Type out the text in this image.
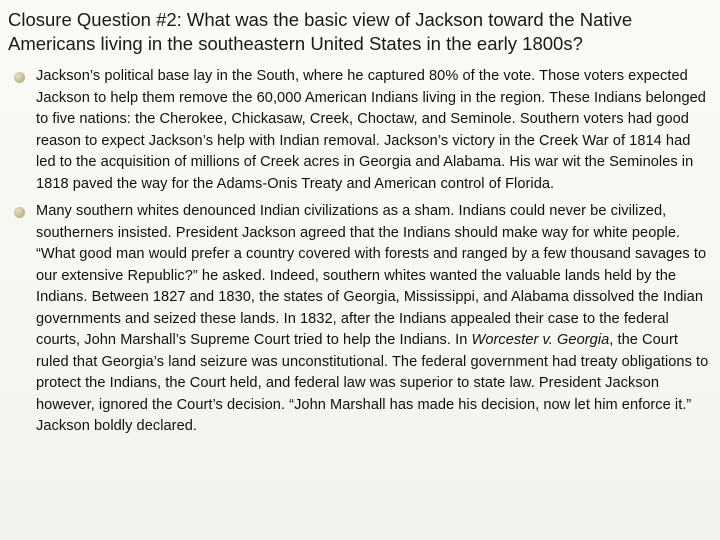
Closure Question #2: What was the basic view of Jackson toward the Native Americans living in the southeastern United States in the early 1800s?
Jackson’s political base lay in the South, where he captured 80% of the vote. Those voters expected Jackson to help them remove the 60,000 American Indians living in the region. These Indians belonged to five nations: the Cherokee, Chickasaw, Creek, Choctaw, and Seminole. Southern voters had good reason to expect Jackson’s help with Indian removal. Jackson’s victory in the Creek War of 1814 had led to the acquisition of millions of Creek acres in Georgia and Alabama. His war wit the Seminoles in 1818 paved the way for the Adams-Onis Treaty and American control of Florida.
Many southern whites denounced Indian civilizations as a sham. Indians could never be civilized, southerners insisted. President Jackson agreed that the Indians should make way for white people. “What good man would prefer a country covered with forests and ranged by a few thousand savages to our extensive Republic?” he asked. Indeed, southern whites wanted the valuable lands held by the Indians. Between 1827 and 1830, the states of Georgia, Mississippi, and Alabama dissolved the Indian governments and seized these lands. In 1832, after the Indians appealed their case to the federal courts, John Marshall’s Supreme Court tried to help the Indians. In Worcester v. Georgia, the Court ruled that Georgia’s land seizure was unconstitutional. The federal government had treaty obligations to protect the Indians, the Court held, and federal law was superior to state law. President Jackson however, ignored the Court’s decision. “John Marshall has made his decision, now let him enforce it.” Jackson boldly declared.
